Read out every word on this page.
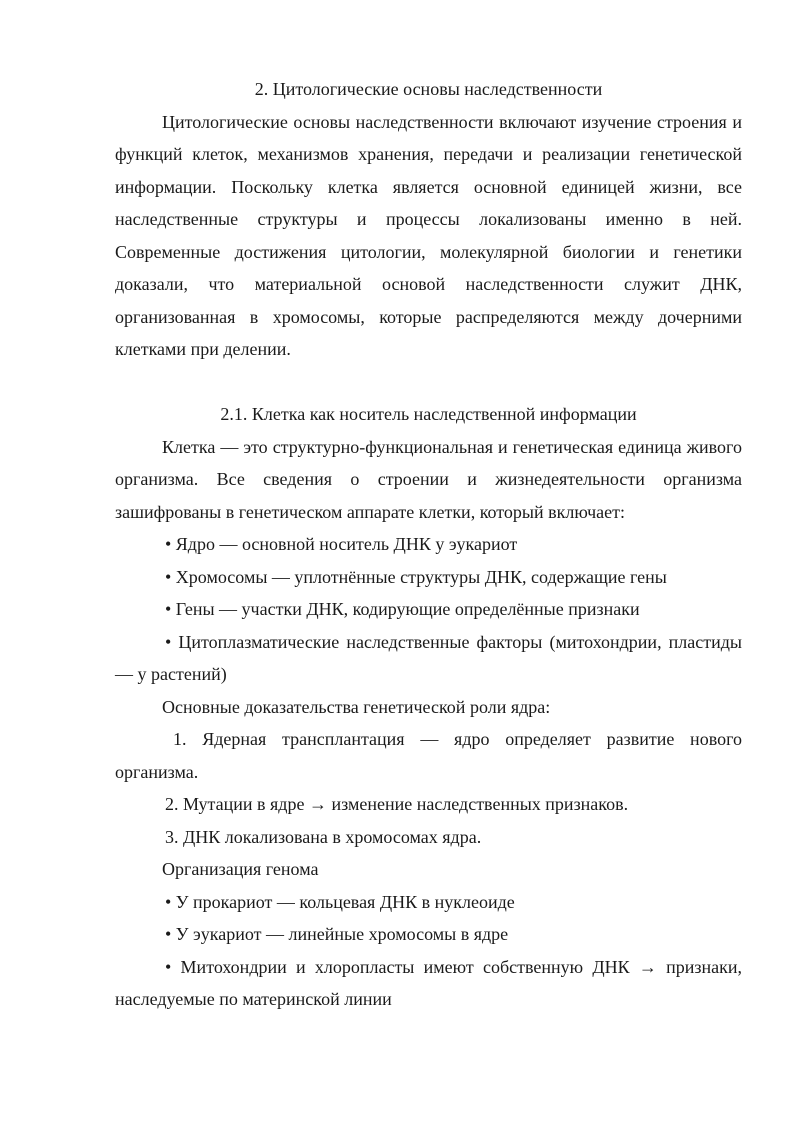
2. Цитологические основы наследственности

Цитологические основы наследственности включают изучение строения и функций клеток, механизмов хранения, передачи и реализации генетической информации. Поскольку клетка является основной единицей жизни, все наследственные структуры и процессы локализованы именно в ней. Современные достижения цитологии, молекулярной биологии и генетики доказали, что материальной основой наследственности служит ДНК, организованная в хромосомы, которые распределяются между дочерними клетками при делении.

2.1. Клетка как носитель наследственной информации

Клетка — это структурно-функциональная и генетическая единица живого организма. Все сведения о строении и жизнедеятельности организма зашифрованы в генетическом аппарате клетки, который включает:

• Ядро — основной носитель ДНК у эукариот

• Хромосомы — уплотнённые структуры ДНК, содержащие гены

• Гены — участки ДНК, кодирующие определённые признаки

• Цитоплазматические наследственные факторы (митохондрии, пластиды — у растений)

Основные доказательства генетической роли ядра:

1. Ядерная трансплантация — ядро определяет развитие нового организма.

2. Мутации в ядре → изменение наследственных признаков.

3. ДНК локализована в хромосомах ядра.

Организация генома

• У прокариот — кольцевая ДНК в нуклеоиде

• У эукариот — линейные хромосомы в ядре

• Митохондрии и хлоропласты имеют собственную ДНК → признаки, наследуемые по материнской линии
